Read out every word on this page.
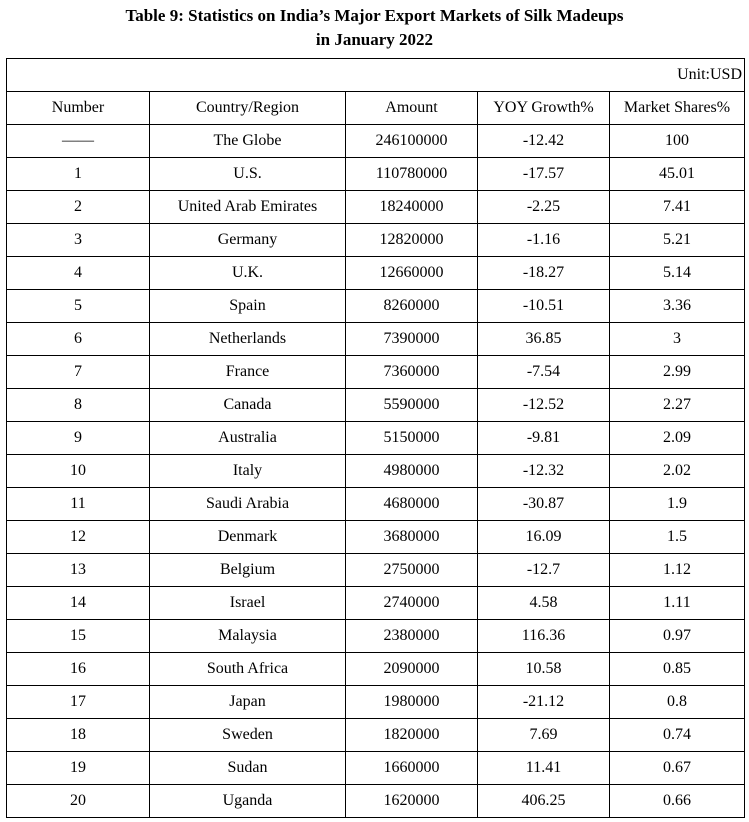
Table 9: Statistics on India’s Major Export Markets of Silk Madeups
in January 2022
Unit:USD				
Number	Country/Region	Amount	YOY Growth%	Market Shares%
——	The Globe	246100000	-12.42	100
1	U.S.	110780000	-17.57	45.01
2	United Arab Emirates	18240000	-2.25	7.41
3	Germany	12820000	-1.16	5.21
4	U.K.	12660000	-18.27	5.14
5	Spain	8260000	-10.51	3.36
6	Netherlands	7390000	36.85	3
7	France	7360000	-7.54	2.99
8	Canada	5590000	-12.52	2.27
9	Australia	5150000	-9.81	2.09
10	Italy	4980000	-12.32	2.02
11	Saudi Arabia	4680000	-30.87	1.9
12	Denmark	3680000	16.09	1.5
13	Belgium	2750000	-12.7	1.12
14	Israel	2740000	4.58	1.11
15	Malaysia	2380000	116.36	0.97
16	South Africa	2090000	10.58	0.85
17	Japan	1980000	-21.12	0.8
18	Sweden	1820000	7.69	0.74
19	Sudan	1660000	11.41	0.67
20	Uganda	1620000	406.25	0.66
